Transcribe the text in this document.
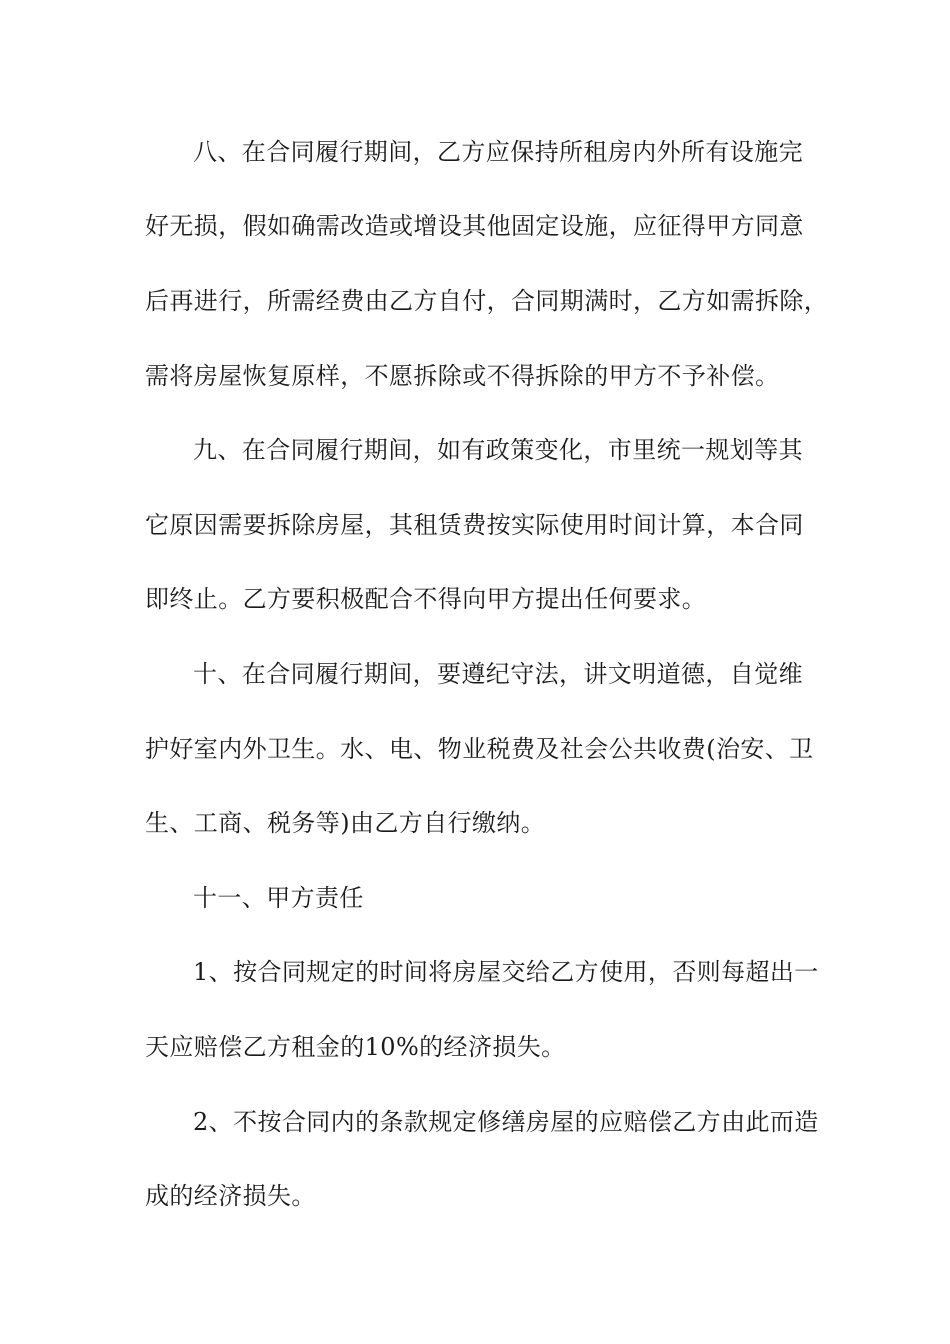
八、在合同履行期间，乙方应保持所租房内外所有设施完
好无损，假如确需改造或增设其他固定设施，应征得甲方同意
后再进行，所需经费由乙方自付，合同期满时，乙方如需拆除，
需将房屋恢复原样，不愿拆除或不得拆除的甲方不予补偿。
九、在合同履行期间，如有政策变化，市里统一规划等其
它原因需要拆除房屋，其租赁费按实际使用时间计算，本合同
即终止。乙方要积极配合不得向甲方提出任何要求。
十、在合同履行期间，要遵纪守法，讲文明道德，自觉维
护好室内外卫生。水、电、物业税费及社会公共收费(治安、卫
生、工商、税务等)由乙方自行缴纳。
十一、甲方责任
1、按合同规定的时间将房屋交给乙方使用，否则每超出一
天应赔偿乙方租金的10%的经济损失。
2、不按合同内的条款规定修缮房屋的应赔偿乙方由此而造
成的经济损失。
